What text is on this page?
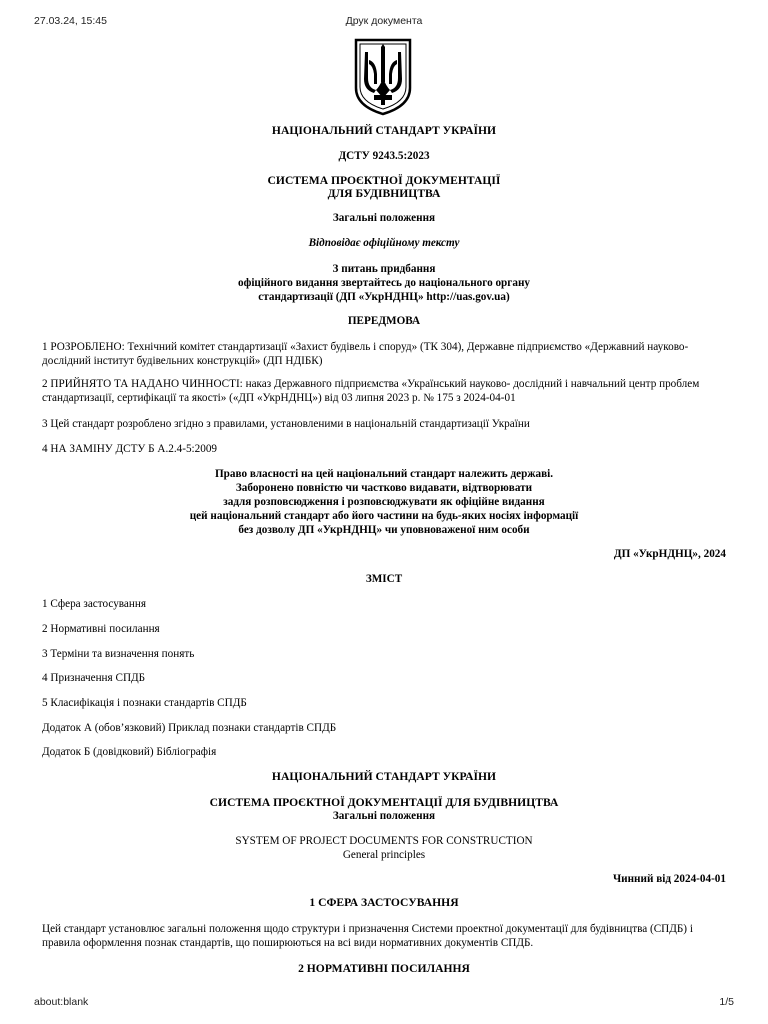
27.03.24, 15:45	Друк документа
НАЦІОНАЛЬНИЙ СТАНДАРТ УКРАЇНИ
ДСТУ 9243.5:2023
СИСТЕМА ПРОЄКТНОЇ ДОКУМЕНТАЦІЇ
ДЛЯ БУДІВНИЦТВА
Загальні положення
Відповідає офіційному тексту
З питань придбання
офіційного видання звертайтесь до національного органу
стандартизації (ДП «УкрНДНЦ» http://uas.gov.ua)
ПЕРЕДМОВА
1 РОЗРОБЛЕНО: Технічний комітет стандартизації «Захист будівель і споруд» (ТК 304), Державне підприємство «Державний науково-
дослідний інститут будівельних конструкцій» (ДП НДІБК)
2 ПРИЙНЯТО ТА НАДАНО ЧИННОСТІ: наказ Державного підприємства «Український науково- дослідний і навчальний центр проблем
стандартизації, сертифікації та якості» («ДП «УкрНДНЦ») від 03 липня 2023 р. № 175 з 2024-04-01
3 Цей стандарт розроблено згідно з правилами, установленими в національній стандартизації України
4 НА ЗАМІНУ ДСТУ Б А.2.4-5:2009
Право власності на цей національний стандарт належить державі.
Заборонено повністю чи частково видавати, відтворювати
задля розповсюдження і розповсюджувати як офіційне видання
цей національний стандарт або його частини на будь-яких носіях інформації
без дозволу ДП «УкрНДНЦ» чи уповноваженої ним особи
ДП «УкрНДНЦ», 2024
ЗМІСТ
1 Сфера застосування
2 Нормативні посилання
3 Терміни та визначення понять
4 Призначення СПДБ
5 Класифікація і познаки стандартів СПДБ
Додаток А (обов’язковий) Приклад познаки стандартів СПДБ
Додаток Б (довідковий) Бібліографія
НАЦІОНАЛЬНИЙ СТАНДАРТ УКРАЇНИ
СИСТЕМА ПРОЄКТНОЇ ДОКУМЕНТАЦІЇ ДЛЯ БУДІВНИЦТВА
Загальні положення
SYSTEM OF PROJECT DOCUMENTS FOR CONSTRUCTION
General principles
Чинний від 2024-04-01
1 СФЕРА ЗАСТОСУВАННЯ
Цей стандарт установлює загальні положення щодо структури і призначення Системи проектної документації для будівництва (СПДБ) і
правила оформлення познак стандартів, що поширюються на всі види нормативних документів СПДБ.
2 НОРМАТИВНІ ПОСИЛАННЯ
about:blank	1/5
